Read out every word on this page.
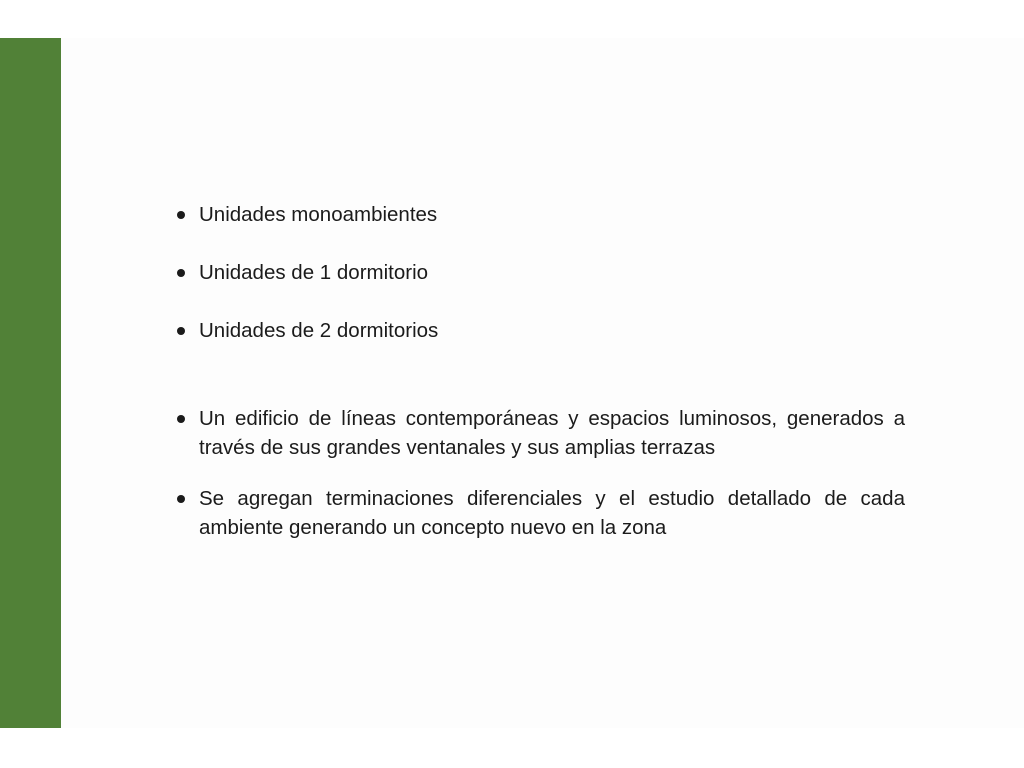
Unidades monoambientes
Unidades de 1 dormitorio
Unidades de 2 dormitorios
Un edificio de líneas contemporáneas y espacios luminosos, generados a través de sus grandes ventanales y sus amplias terrazas
Se agregan terminaciones diferenciales y el estudio detallado de cada ambiente generando un concepto nuevo en la zona
